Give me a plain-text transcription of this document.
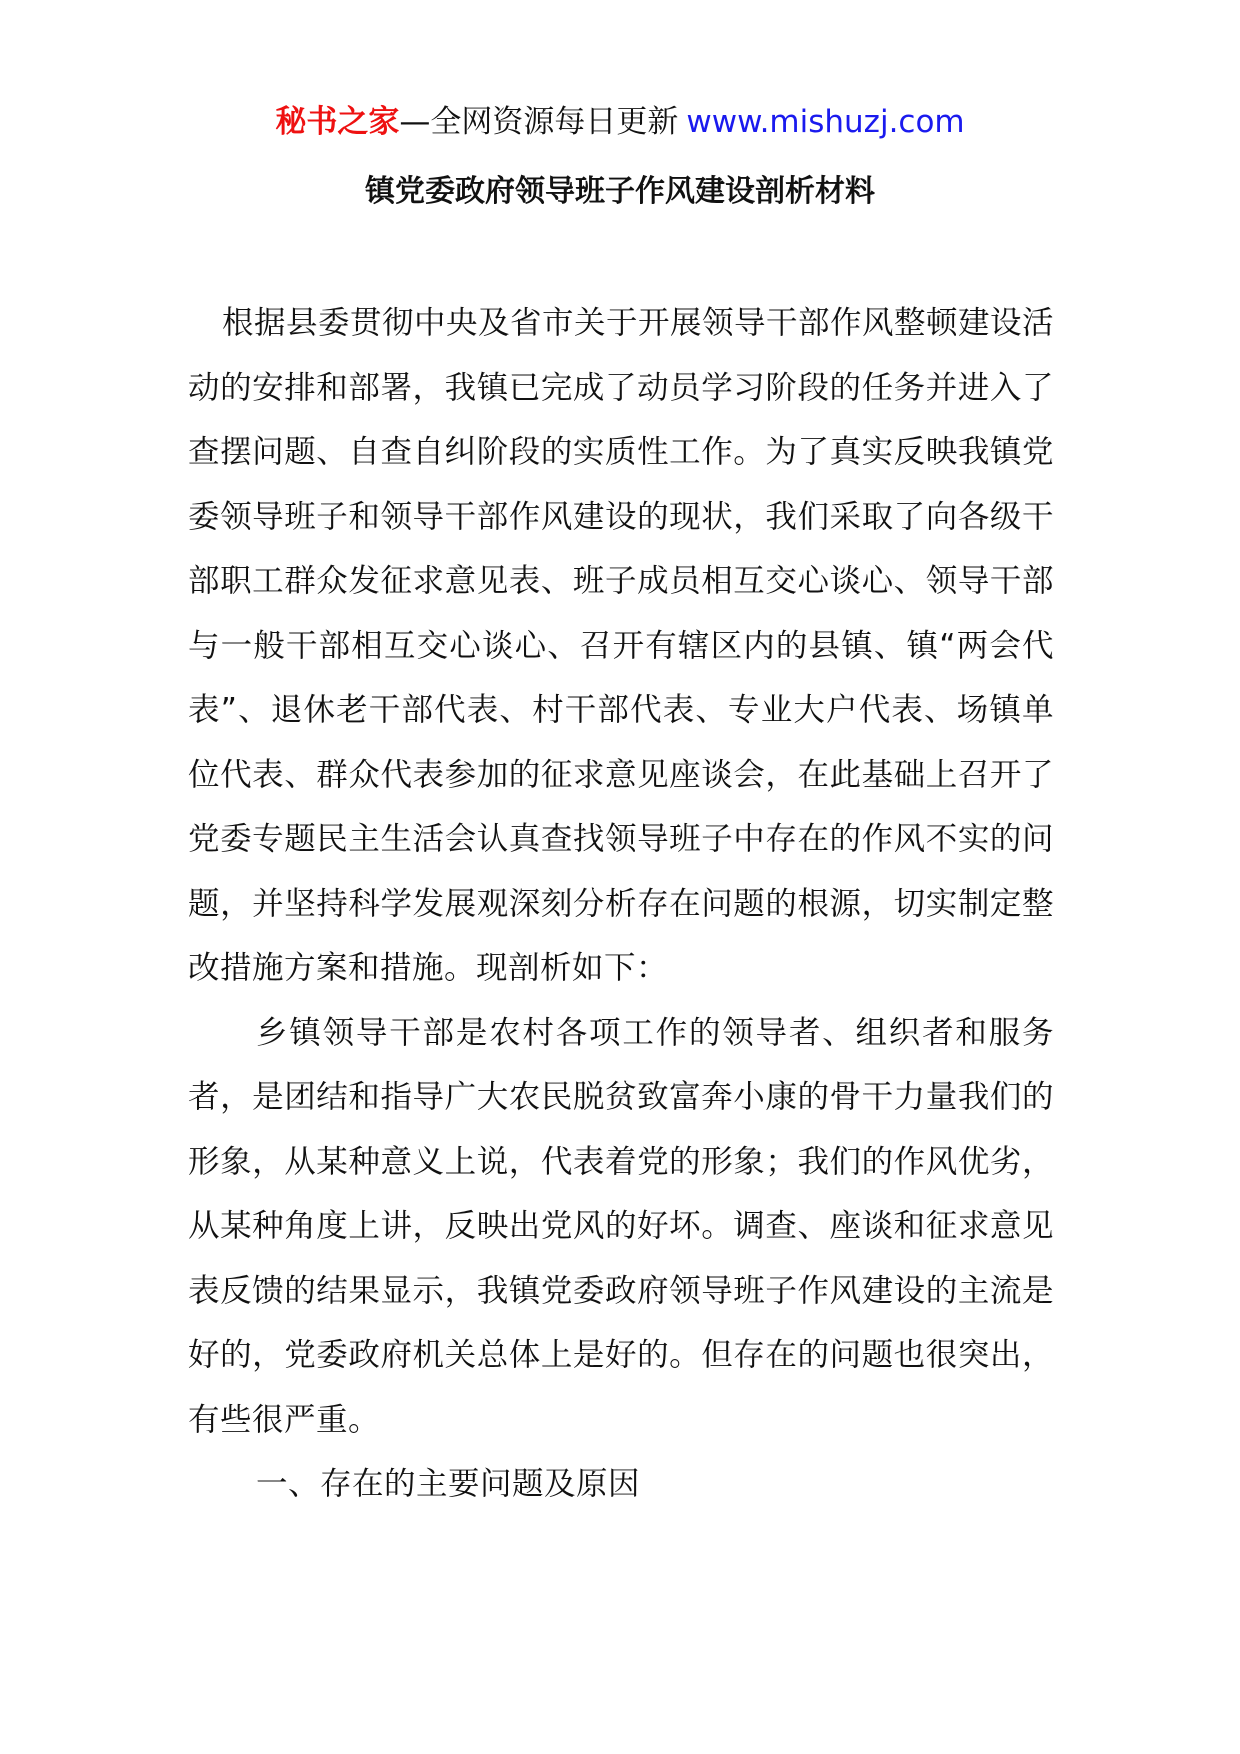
秘书之家—全网资源每日更新 www.mishuzj.com
镇党委政府领导班子作风建设剖析材料

根据县委贯彻中央及省市关于开展领导干部作风整顿建设活动的安排和部署，我镇已完成了动员学习阶段的任务并进入了查摆问题、自查自纠阶段的实质性工作。为了真实反映我镇党委领导班子和领导干部作风建设的现状，我们采取了向各级干部职工群众发征求意见表、班子成员相互交心谈心、领导干部与一般干部相互交心谈心、召开有辖区内的县镇、镇“两会代表”、退休老干部代表、村干部代表、专业大户代表、场镇单位代表、群众代表参加的征求意见座谈会，在此基础上召开了党委专题民主生活会认真查找领导班子中存在的作风不实的问题，并坚持科学发展观深刻分析存在问题的根源，切实制定整改措施方案和措施。现剖析如下：

乡镇领导干部是农村各项工作的领导者、组织者和服务者，是团结和指导广大农民脱贫致富奔小康的骨干力量我们的形象，从某种意义上说，代表着党的形象；我们的作风优劣，从某种角度上讲，反映出党风的好坏。调查、座谈和征求意见表反馈的结果显示，我镇党委政府领导班子作风建设的主流是好的，党委政府机关总体上是好的。但存在的问题也很突出，有些很严重。

一、存在的主要问题及原因
